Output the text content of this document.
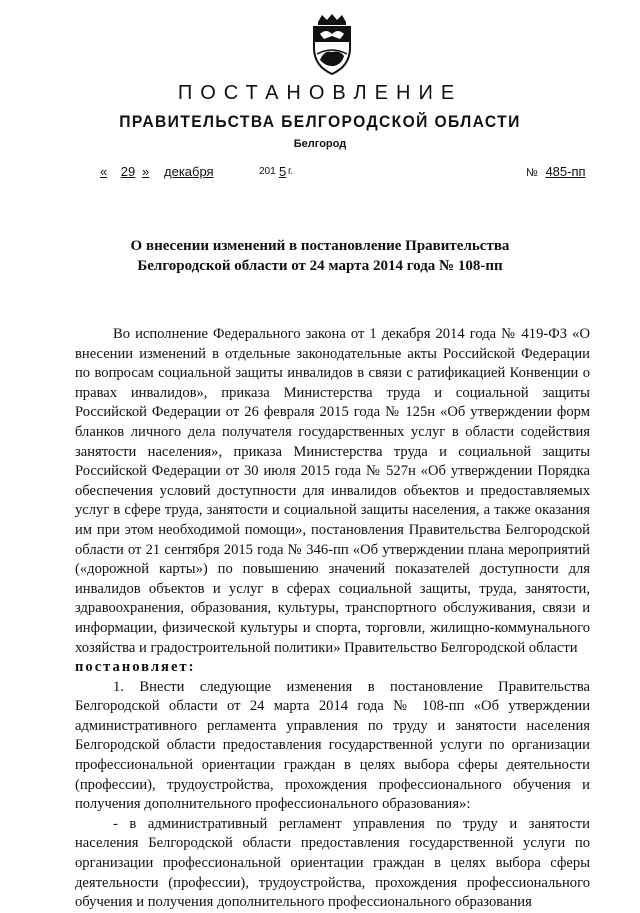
ПОСТАНОВЛЕНИЕ
ПРАВИТЕЛЬСТВА БЕЛГОРОДСКОЙ ОБЛАСТИ
Белгород
«	29 » декабря	201 5 г.	№ 485-пп
О внесении изменений в постановление Правительства
Белгородской области от 24 марта 2014 года № 108-пп

Во исполнение Федерального закона от 1 декабря 2014 года № 419-ФЗ «О внесении изменений в отдельные законодательные акты Российской Федерации по вопросам социальной защиты инвалидов в связи с ратификацией Конвенции о правах инвалидов», приказа Министерства труда и социальной защиты Российской Федерации от 26 февраля 2015 года № 125н «Об утверждении форм бланков личного дела получателя государственных услуг в области содействия занятости населения», приказа Министерства труда и социальной защиты Российской Федерации от 30 июля 2015 года № 527н «Об утверждении Порядка обеспечения условий доступности для инвалидов объектов и предоставляемых услуг в сфере труда, занятости и социальной защиты населения, а также оказания им при этом необходимой помощи», постановления Правительства Белгородской области от 21 сентября 2015 года № 346-пп «Об утверждении плана мероприятий («дорожной карты») по повышению значений показателей доступности для инвалидов объектов и услуг в сферах социальной защиты, труда, занятости, здравоохранения, образования, культуры, транспортного обслуживания, связи и информации, физической культуры и спорта, торговли, жилищно-коммунального хозяйства и градостроительной политики» Правительство Белгородской области

постановляет:

1. Внести следующие изменения в постановление Правительства Белгородской области от 24 марта 2014 года № 108-пп «Об утверждении административного регламента управления по труду и занятости населения Белгородской области предоставления государственной услуги по организации профессиональной ориентации граждан в целях выбора сферы деятельности (профессии), трудоустройства, прохождения профессионального обучения и получения дополнительного профессионального образования»:

- в административный регламент управления по труду и занятости населения Белгородской области предоставления государственной услуги по организации профессиональной ориентации граждан в целях выбора сферы деятельности (профессии), трудоустройства, прохождения профессионального обучения и получения дополнительного профессионального образования
